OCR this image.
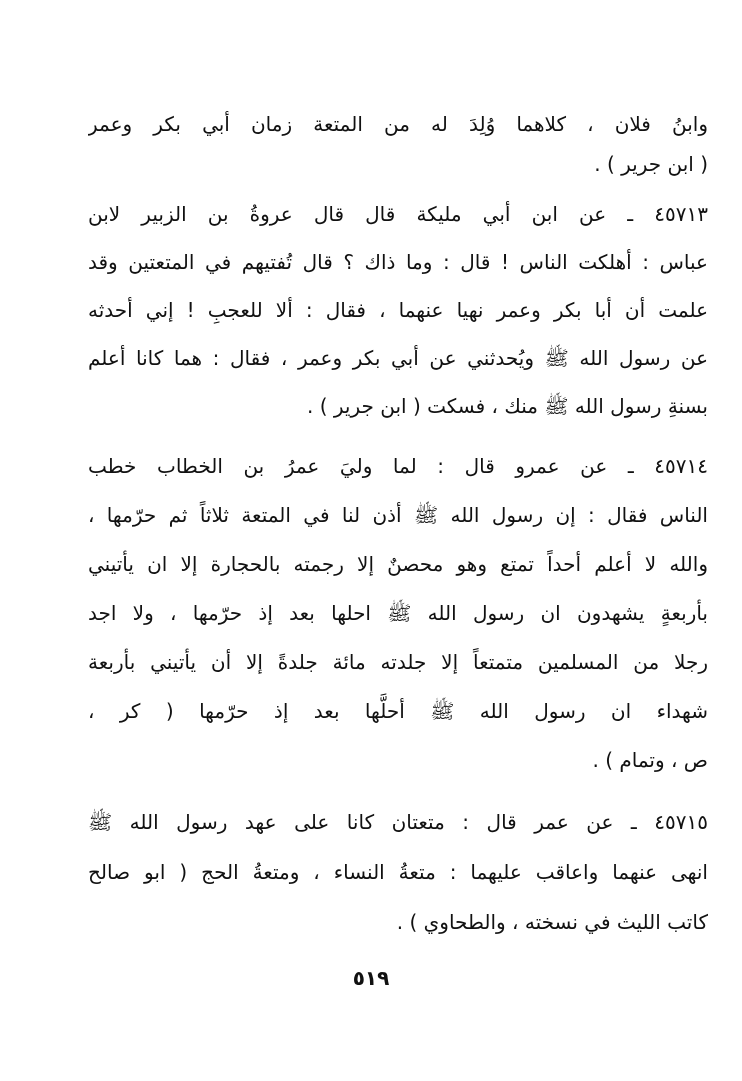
وابنُ فلان ، كلاهما وُلِدَ له من المتعة زمان أبي بكر وعمر
( ابن جرير ) .
٤٥٧١٣ ـ عن ابن أبي مليكة قال قال عروةُ بن الزبير لابن
عباس : أهلكت الناس ! قال : وما ذاك ؟ قال تُفتيهم في المتعتين وقد
علمت أن أبا بكر وعمر نهيا عنهما ، فقال : ألا للعجبِ ! إني أحدثه
عن رسول الله ﷺ ويُحدثني عن أبي بكر وعمر ، فقال : هما كانا أعلم
بسنةِ رسول الله ﷺ منك ، فسكت ( ابن جرير ) .
٤٥٧١٤ ـ عن عمرو قال : لما وليَ عمرُ بن الخطاب خطب
الناس فقال : إن رسول الله ﷺ أذن لنا في المتعة ثلاثاً ثم حرّمها ،
والله لا أعلم أحداً تمتع وهو محصنٌ إلا رجمته بالحجارة إلا ان يأتيني
بأربعةٍ يشهدون ان رسول الله ﷺ احلها بعد إذ حرّمها ، ولا اجد
رجلا من المسلمين متمتعاً إلا جلدته مائة جلدةً إلا أن يأتيني بأربعة
شهداء ان رسول الله ﷺ أحلَّها بعد إذ حرّمها ( كر ،
ص ، وتمام ) .
٤٥٧١٥ ـ عن عمر قال : متعتان كانا على عهد رسول الله ﷺ
انهى عنهما واعاقب عليهما : متعةُ النساء ، ومتعةُ الحج ( ابو صالح
كاتب الليث في نسخته ، والطحاوي ) .
٥١٩
